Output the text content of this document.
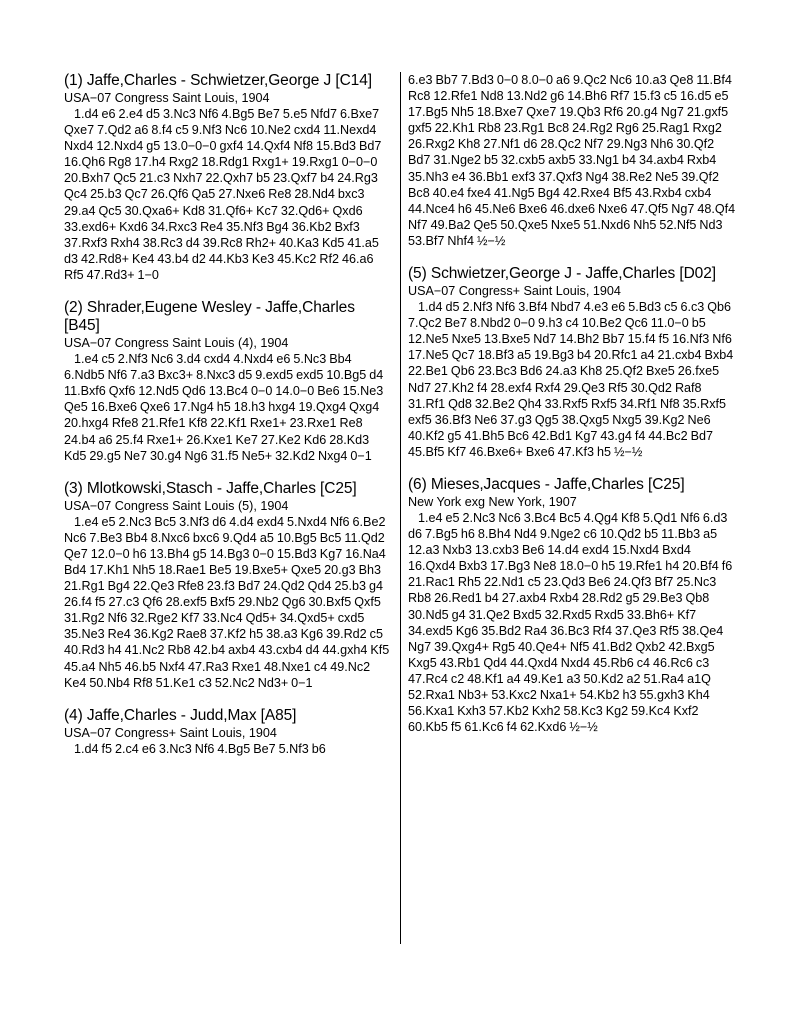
(1) Jaffe,Charles - Schwietzer,George J [C14]
USA−07 Congress Saint Louis, 1904

1.d4 e6 2.e4 d5 3.Nc3 Nf6 4.Bg5 Be7 5.e5 Nfd7 6.Bxe7 Qxe7 7.Qd2 a6 8.f4 c5 9.Nf3 Nc6 10.Ne2 cxd4 11.Nexd4 Nxd4 12.Nxd4 g5 13.0−0−0 gxf4 14.Qxf4 Nf8 15.Bd3 Bd7 16.Qh6 Rg8 17.h4 Rxg2 18.Rdg1 Rxg1+ 19.Rxg1 0−0−0 20.Bxh7 Qc5 21.c3 Nxh7 22.Qxh7 b5 23.Qxf7 b4 24.Rg3 Qc4 25.b3 Qc7 26.Qf6 Qa5 27.Nxe6 Re8 28.Nd4 bxc3 29.a4 Qc5 30.Qxa6+ Kd8 31.Qf6+ Kc7 32.Qd6+ Qxd6 33.exd6+ Kxd6 34.Rxc3 Re4 35.Nf3 Bg4 36.Kb2 Bxf3 37.Rxf3 Rxh4 38.Rc3 d4 39.Rc8 Rh2+ 40.Ka3 Kd5 41.a5 d3 42.Rd8+ Ke4 43.b4 d2 44.Kb3 Ke3 45.Kc2 Rf2 46.a6 Rf5 47.Rd3+ 1−0

(2) Shrader,Eugene Wesley - Jaffe,Charles [B45]
USA−07 Congress Saint Louis (4), 1904

1.e4 c5 2.Nf3 Nc6 3.d4 cxd4 4.Nxd4 e6 5.Nc3 Bb4 6.Ndb5 Nf6 7.a3 Bxc3+ 8.Nxc3 d5 9.exd5 exd5 10.Bg5 d4 11.Bxf6 Qxf6 12.Nd5 Qd6 13.Bc4 0−0 14.0−0 Be6 15.Ne3 Qe5 16.Bxe6 Qxe6 17.Ng4 h5 18.h3 hxg4 19.Qxg4 Qxg4 20.hxg4 Rfe8 21.Rfe1 Kf8 22.Kf1 Rxe1+ 23.Rxe1 Re8 24.b4 a6 25.f4 Rxe1+ 26.Kxe1 Ke7 27.Ke2 Kd6 28.Kd3 Kd5 29.g5 Ne7 30.g4 Ng6 31.f5 Ne5+ 32.Kd2 Nxg4 0−1

(3) Mlotkowski,Stasch - Jaffe,Charles [C25]
USA−07 Congress Saint Louis (5), 1904

1.e4 e5 2.Nc3 Bc5 3.Nf3 d6 4.d4 exd4 5.Nxd4 Nf6 6.Be2 Nc6 7.Be3 Bb4 8.Nxc6 bxc6 9.Qd4 a5 10.Bg5 Bc5 11.Qd2 Qe7 12.0−0 h6 13.Bh4 g5 14.Bg3 0−0 15.Bd3 Kg7 16.Na4 Bd4 17.Kh1 Nh5 18.Rae1 Be5 19.Bxe5+ Qxe5 20.g3 Bh3 21.Rg1 Bg4 22.Qe3 Rfe8 23.f3 Bd7 24.Qd2 Qd4 25.b3 g4 26.f4 f5 27.c3 Qf6 28.exf5 Bxf5 29.Nb2 Qg6 30.Bxf5 Qxf5 31.Rg2 Nf6 32.Rge2 Kf7 33.Nc4 Qd5+ 34.Qxd5+ cxd5 35.Ne3 Re4 36.Kg2 Rae8 37.Kf2 h5 38.a3 Kg6 39.Rd2 c5 40.Rd3 h4 41.Nc2 Rb8 42.b4 axb4 43.cxb4 d4 44.gxh4 Kf5 45.a4 Nh5 46.b5 Nxf4 47.Ra3 Rxe1 48.Nxe1 c4 49.Nc2 Ke4 50.Nb4 Rf8 51.Ke1 c3 52.Nc2 Nd3+ 0−1

(4) Jaffe,Charles - Judd,Max [A85]
USA−07 Congress+ Saint Louis, 1904

1.d4 f5 2.c4 e6 3.Nc3 Nf6 4.Bg5 Be7 5.Nf3 b6

6.e3 Bb7 7.Bd3 0−0 8.0−0 a6 9.Qc2 Nc6 10.a3 Qe8 11.Bf4 Rc8 12.Rfe1 Nd8 13.Nd2 g6 14.Bh6 Rf7 15.f3 c5 16.d5 e5 17.Bg5 Nh5 18.Bxe7 Qxe7 19.Qb3 Rf6 20.g4 Ng7 21.gxf5 gxf5 22.Kh1 Rb8 23.Rg1 Bc8 24.Rg2 Rg6 25.Rag1 Rxg2 26.Rxg2 Kh8 27.Nf1 d6 28.Qc2 Nf7 29.Ng3 Nh6 30.Qf2 Bd7 31.Nge2 b5 32.cxb5 axb5 33.Ng1 b4 34.axb4 Rxb4 35.Nh3 e4 36.Bb1 exf3 37.Qxf3 Ng4 38.Re2 Ne5 39.Qf2 Bc8 40.e4 fxe4 41.Ng5 Bg4 42.Rxe4 Bf5 43.Rxb4 cxb4 44.Nce4 h6 45.Ne6 Bxe6 46.dxe6 Nxe6 47.Qf5 Ng7 48.Qf4 Nf7 49.Ba2 Qe5 50.Qxe5 Nxe5 51.Nxd6 Nh5 52.Nf5 Nd3 53.Bf7 Nhf4 ½−½

(5) Schwietzer,George J - Jaffe,Charles [D02]
USA−07 Congress+ Saint Louis, 1904

1.d4 d5 2.Nf3 Nf6 3.Bf4 Nbd7 4.e3 e6 5.Bd3 c5 6.c3 Qb6 7.Qc2 Be7 8.Nbd2 0−0 9.h3 c4 10.Be2 Qc6 11.0−0 b5 12.Ne5 Nxe5 13.Bxe5 Nd7 14.Bh2 Bb7 15.f4 f5 16.Nf3 Nf6 17.Ne5 Qc7 18.Bf3 a5 19.Bg3 b4 20.Rfc1 a4 21.cxb4 Bxb4 22.Be1 Qb6 23.Bc3 Bd6 24.a3 Kh8 25.Qf2 Bxe5 26.fxe5 Nd7 27.Kh2 f4 28.exf4 Rxf4 29.Qe3 Rf5 30.Qd2 Raf8 31.Rf1 Qd8 32.Be2 Qh4 33.Rxf5 Rxf5 34.Rf1 Nf8 35.Rxf5 exf5 36.Bf3 Ne6 37.g3 Qg5 38.Qxg5 Nxg5 39.Kg2 Ne6 40.Kf2 g5 41.Bh5 Bc6 42.Bd1 Kg7 43.g4 f4 44.Bc2 Bd7 45.Bf5 Kf7 46.Bxe6+ Bxe6 47.Kf3 h5 ½−½

(6) Mieses,Jacques - Jaffe,Charles [C25]
New York exg New York, 1907

1.e4 e5 2.Nc3 Nc6 3.Bc4 Bc5 4.Qg4 Kf8 5.Qd1 Nf6 6.d3 d6 7.Bg5 h6 8.Bh4 Nd4 9.Nge2 c6 10.Qd2 b5 11.Bb3 a5 12.a3 Nxb3 13.cxb3 Be6 14.d4 exd4 15.Nxd4 Bxd4 16.Qxd4 Bxb3 17.Bg3 Ne8 18.0−0 h5 19.Rfe1 h4 20.Bf4 f6 21.Rac1 Rh5 22.Nd1 c5 23.Qd3 Be6 24.Qf3 Bf7 25.Nc3 Rb8 26.Red1 b4 27.axb4 Rxb4 28.Rd2 g5 29.Be3 Qb8 30.Nd5 g4 31.Qe2 Bxd5 32.Rxd5 Rxd5 33.Bh6+ Kf7 34.exd5 Kg6 35.Bd2 Ra4 36.Bc3 Rf4 37.Qe3 Rf5 38.Qe4 Ng7 39.Qxg4+ Rg5 40.Qe4+ Nf5 41.Bd2 Qxb2 42.Bxg5 Kxg5 43.Rb1 Qd4 44.Qxd4 Nxd4 45.Rb6 c4 46.Rc6 c3 47.Rc4 c2 48.Kf1 a4 49.Ke1 a3 50.Kd2 a2 51.Ra4 a1Q 52.Rxa1 Nb3+ 53.Kxc2 Nxa1+ 54.Kb2 h3 55.gxh3 Kh4 56.Kxa1 Kxh3 57.Kb2 Kxh2 58.Kc3 Kg2 59.Kc4 Kxf2 60.Kb5 f5 61.Kc6 f4 62.Kxd6 ½−½
